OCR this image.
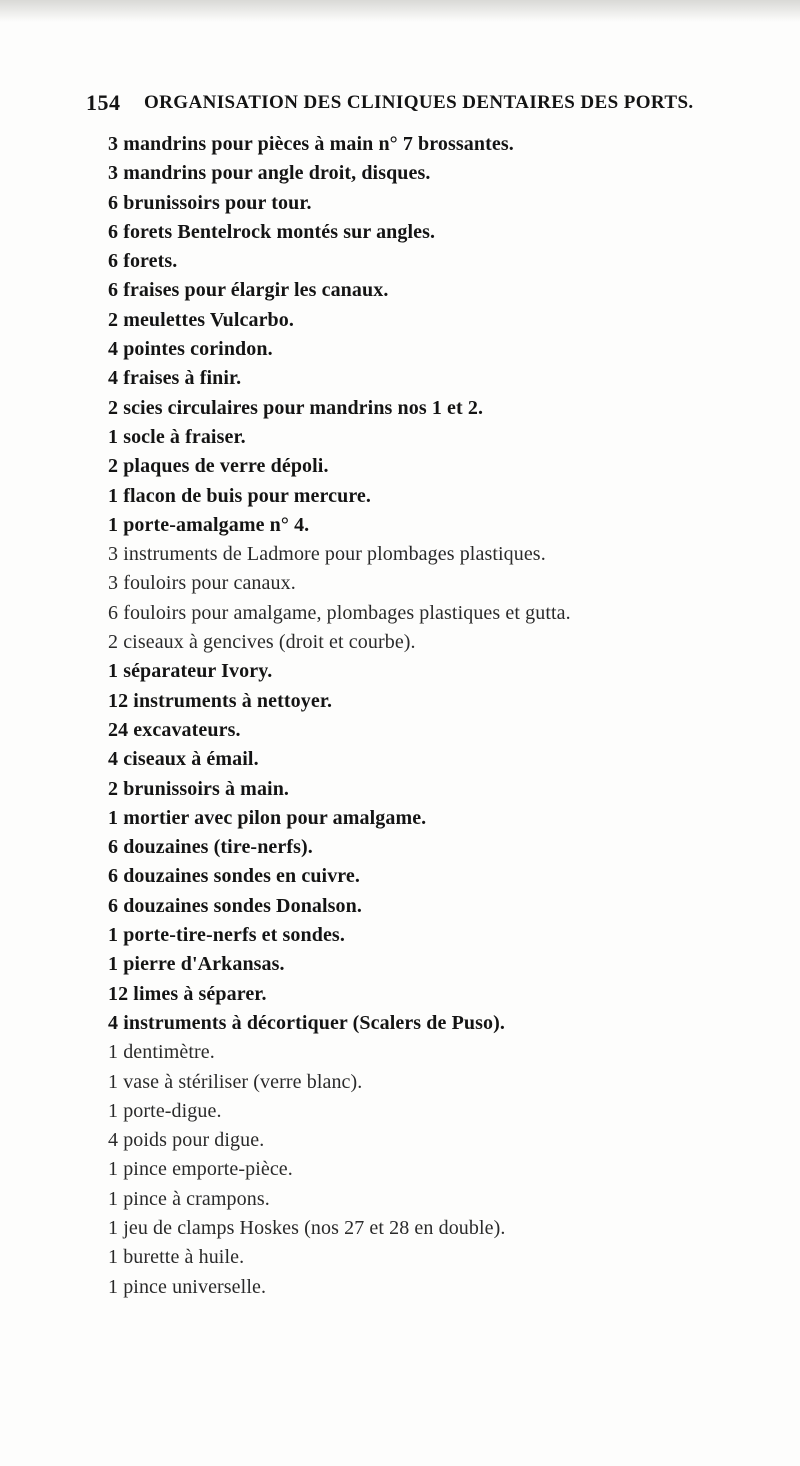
154 ORGANISATION DES CLINIQUES DENTAIRES DES PORTS.
3 mandrins pour pièces à main n° 7 brossantes.
3 mandrins pour angle droit, disques.
6 brunissoirs pour tour.
6 forets Bentelrock montés sur angles.
6 forets.
6 fraises pour élargir les canaux.
2 meulettes Vulcarbo.
4 pointes corindon.
4 fraises à finir.
2 scies circulaires pour mandrins nos 1 et 2.
1 socle à fraiser.
2 plaques de verre dépoli.
1 flacon de buis pour mercure.
1 porte-amalgame n° 4.
3 instruments de Ladmore pour plombages plastiques.
3 fouloirs pour canaux.
6 fouloirs pour amalgame, plombages plastiques et gutta.
2 ciseaux à gencives (droit et courbe).
1 séparateur Ivory.
12 instruments à nettoyer.
24 excavateurs.
4 ciseaux à émail.
2 brunissoirs à main.
1 mortier avec pilon pour amalgame.
6 douzaines (tire-nerfs).
6 douzaines sondes en cuivre.
6 douzaines sondes Donalson.
1 porte-tire-nerfs et sondes.
1 pierre d'Arkansas.
12 limes à séparer.
4 instruments à décortiquer (Scalers de Puso).
1 dentimètre.
1 vase à stériliser (verre blanc).
1 porte-digue.
4 poids pour digue.
1 pince emporte-pièce.
1 pince à crampons.
1 jeu de clamps Hoskes (nos 27 et 28 en double).
1 burette à huile.
1 pince universelle.
